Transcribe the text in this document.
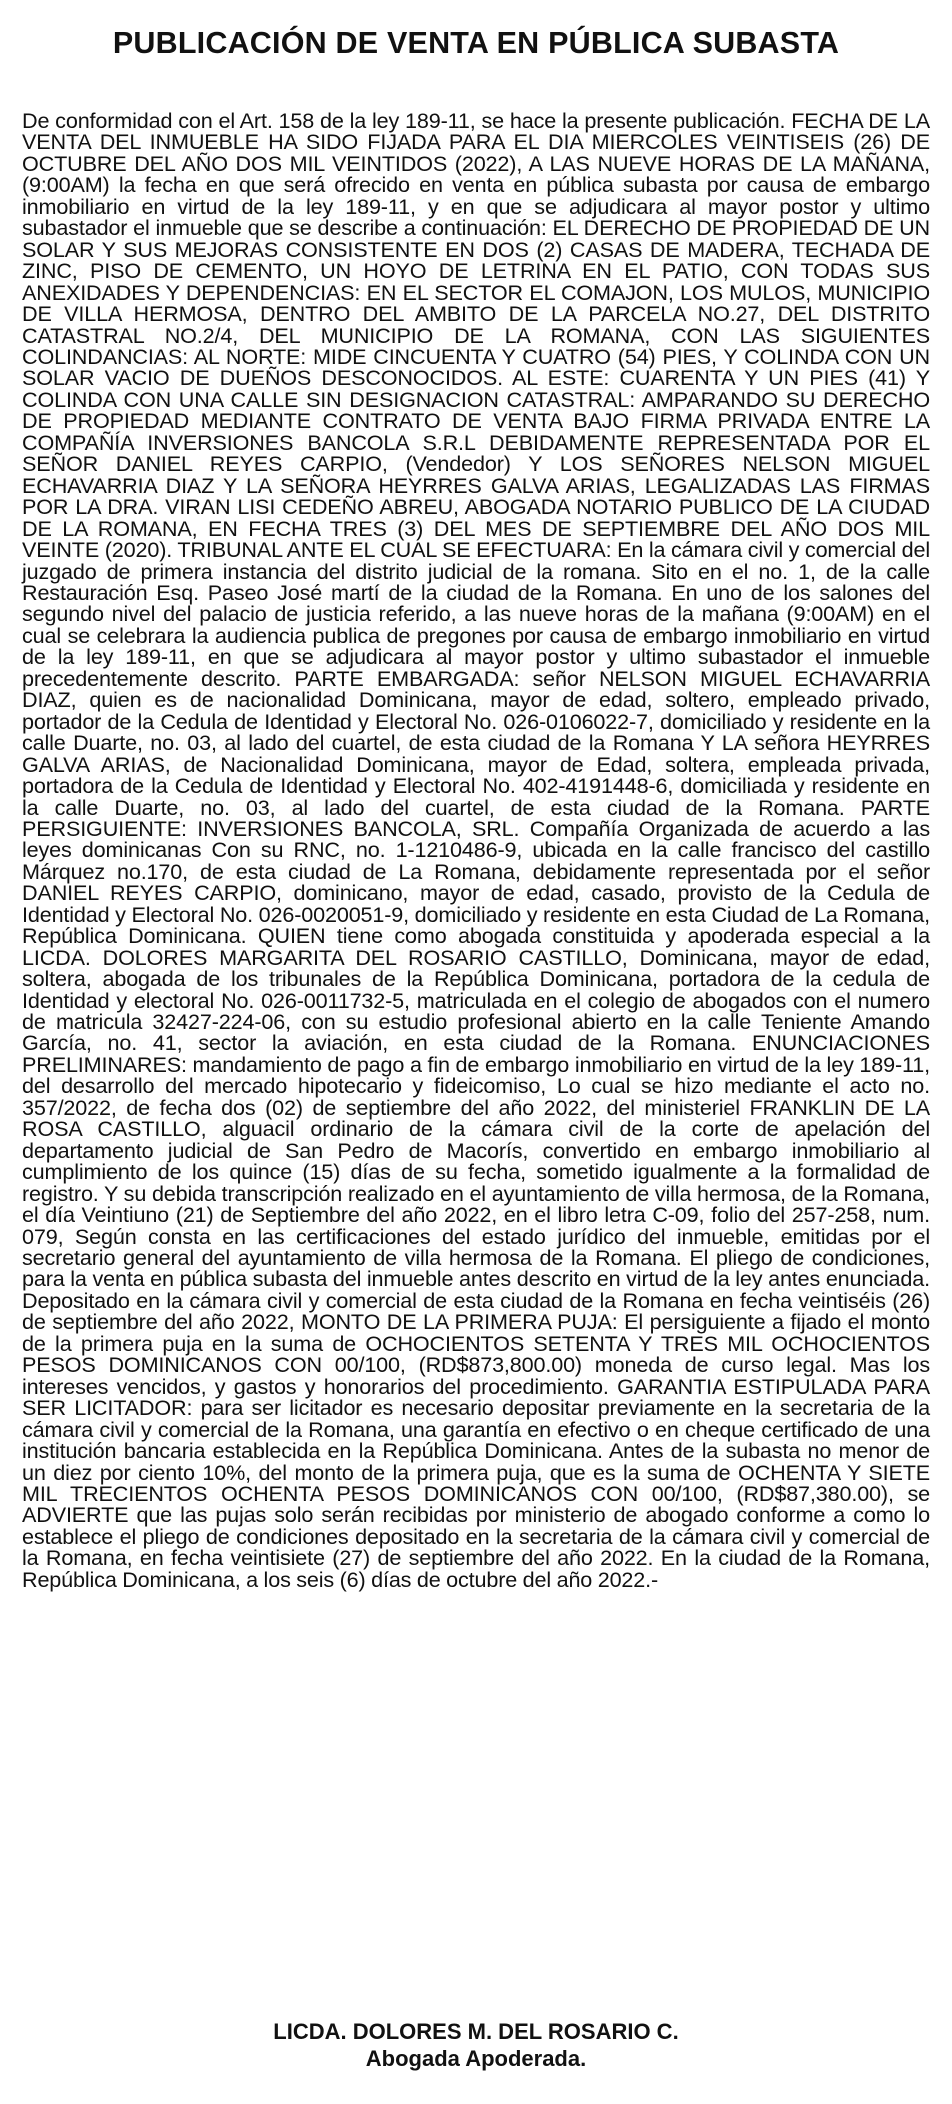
PUBLICACIÓN DE VENTA EN PÚBLICA SUBASTA

De conformidad con el Art. 158 de la ley 189-11, se hace la presente publicación. FECHA DE LA VENTA DEL INMUEBLE HA SIDO FIJADA PARA EL DIA MIERCOLES VEINTISEIS (26) DE OCTUBRE DEL AÑO DOS MIL VEINTIDOS (2022), A LAS NUEVE HORAS DE LA MAÑANA, (9:00AM) la fecha en que será ofrecido en venta en pública subasta por causa de embargo inmobiliario en virtud de la ley 189-11, y en que se adjudicara al mayor postor y ultimo subastador el inmueble que se describe a continuación: EL DERECHO DE PROPIEDAD DE UN SOLAR Y SUS MEJORAS CONSISTENTE EN DOS (2) CASAS DE MADERA, TECHADA DE ZINC, PISO DE CEMENTO, UN HOYO DE LETRINA EN EL PATIO, CON TODAS SUS ANEXIDADES Y DEPENDENCIAS: EN EL SECTOR EL COMAJON, LOS MULOS, MUNICIPIO DE VILLA HERMOSA, DENTRO DEL AMBITO DE LA PARCELA NO.27, DEL DISTRITO CATASTRAL NO.2/4, DEL MUNICIPIO DE LA ROMANA, CON LAS SIGUIENTES COLINDANCIAS: AL NORTE: MIDE CINCUENTA Y CUATRO (54) PIES, Y COLINDA CON UN SOLAR VACIO DE DUEÑOS DESCONOCIDOS. AL ESTE: CUARENTA Y UN PIES (41) Y COLINDA CON UNA CALLE SIN DESIGNACION CATASTRAL: AMPARANDO SU DERECHO DE PROPIEDAD MEDIANTE CONTRATO DE VENTA BAJO FIRMA PRIVADA ENTRE LA COMPAÑÍA INVERSIONES BANCOLA S.R.L DEBIDAMENTE REPRESENTADA POR EL SEÑOR DANIEL REYES CARPIO, (Vendedor) Y LOS SEÑORES NELSON MIGUEL ECHAVARRIA DIAZ Y LA SEÑORA HEYRRES GALVA ARIAS, LEGALIZADAS LAS FIRMAS POR LA DRA. VIRAN LISI CEDEÑO ABREU, ABOGADA NOTARIO PUBLICO DE LA CIUDAD DE LA ROMANA, EN FECHA TRES (3) DEL MES DE SEPTIEMBRE DEL AÑO DOS MIL VEINTE (2020). TRIBUNAL ANTE EL CUAL SE EFECTUARA: En la cámara civil y comercial del juzgado de primera instancia del distrito judicial de la romana. Sito en el no. 1, de la calle Restauración Esq. Paseo José martí de la ciudad de la Romana. En uno de los salones del segundo nivel del palacio de justicia referido, a las nueve horas de la mañana (9:00AM) en el cual se celebrara la audiencia publica de pregones por causa de embargo inmobiliario en virtud de la ley 189-11, en que se adjudicara al mayor postor y ultimo subastador el inmueble precedentemente descrito. PARTE EMBARGADA: señor NELSON MIGUEL ECHAVARRIA DIAZ, quien es de nacionalidad Dominicana, mayor de edad, soltero, empleado privado, portador de la Cedula de Identidad y Electoral No. 026-0106022-7, domiciliado y residente en la calle Duarte, no. 03, al lado del cuartel, de esta ciudad de la Romana Y LA señora HEYRRES GALVA ARIAS, de Nacionalidad Dominicana, mayor de Edad, soltera, empleada privada, portadora de la Cedula de Identidad y Electoral No. 402-4191448-6, domiciliada y residente en la calle Duarte, no. 03, al lado del cuartel, de esta ciudad de la Romana. PARTE PERSIGUIENTE: INVERSIONES BANCOLA, SRL. Compañía Organizada de acuerdo a las leyes dominicanas Con su RNC, no. 1-1210486-9, ubicada en la calle francisco del castillo Márquez no.170, de esta ciudad de La Romana, debidamente representada por el señor DANIEL REYES CARPIO, dominicano, mayor de edad, casado, provisto de la Cedula de Identidad y Electoral No. 026-0020051-9, domiciliado y residente en esta Ciudad de La Romana, República Dominicana. QUIEN tiene como abogada constituida y apoderada especial a la LICDA. DOLORES MARGARITA DEL ROSARIO CASTILLO, Dominicana, mayor de edad, soltera, abogada de los tribunales de la República Dominicana, portadora de la cedula de Identidad y electoral No. 026-0011732-5, matriculada en el colegio de abogados con el numero de matricula 32427-224-06, con su estudio profesional abierto en la calle Teniente Amando García, no. 41, sector la aviación, en esta ciudad de la Romana. ENUNCIACIONES PRELIMINARES: mandamiento de pago a fin de embargo inmobiliario en virtud de la ley 189-11, del desarrollo del mercado hipotecario y fideicomiso, Lo cual se hizo mediante el acto no. 357/2022, de fecha dos (02) de septiembre del año 2022, del ministeriel FRANKLIN DE LA ROSA CASTILLO, alguacil ordinario de la cámara civil de la corte de apelación del departamento judicial de San Pedro de Macorís, convertido en embargo inmobiliario al cumplimiento de los quince (15) días de su fecha, sometido igualmente a la formalidad de registro. Y su debida transcripción realizado en el ayuntamiento de villa hermosa, de la Romana, el día Veintiuno (21) de Septiembre del año 2022, en el libro letra C-09, folio del 257-258, num. 079, Según consta en las certificaciones del estado jurídico del inmueble, emitidas por el secretario general del ayuntamiento de villa hermosa de la Romana. El pliego de condiciones, para la venta en pública subasta del inmueble antes descrito en virtud de la ley antes enunciada. Depositado en la cámara civil y comercial de esta ciudad de la Romana en fecha veintiséis (26) de septiembre del año 2022, MONTO DE LA PRIMERA PUJA: El persiguiente a fijado el monto de la primera puja en la suma de OCHOCIENTOS SETENTA Y TRES MIL OCHOCIENTOS PESOS DOMINICANOS CON 00/100, (RD$873,800.00) moneda de curso legal. Mas los intereses vencidos, y gastos y honorarios del procedimiento. GARANTIA ESTIPULADA PARA SER LICITADOR: para ser licitador es necesario depositar previamente en la secretaria de la cámara civil y comercial de la Romana, una garantía en efectivo o en cheque certificado de una institución bancaria establecida en la República Dominicana. Antes de la subasta no menor de un diez por ciento 10%, del monto de la primera puja, que es la suma de OCHENTA Y SIETE MIL TRECIENTOS OCHENTA PESOS DOMINICANOS CON 00/100, (RD$87,380.00), se ADVIERTE que las pujas solo serán recibidas por ministerio de abogado conforme a como lo establece el pliego de condiciones depositado en la secretaria de la cámara civil y comercial de la Romana, en fecha veintisiete (27) de septiembre del año 2022. En la ciudad de la Romana, República Dominicana, a los seis (6) días de octubre del año 2022.-

LICDA. DOLORES M. DEL ROSARIO C.
Abogada Apoderada.
